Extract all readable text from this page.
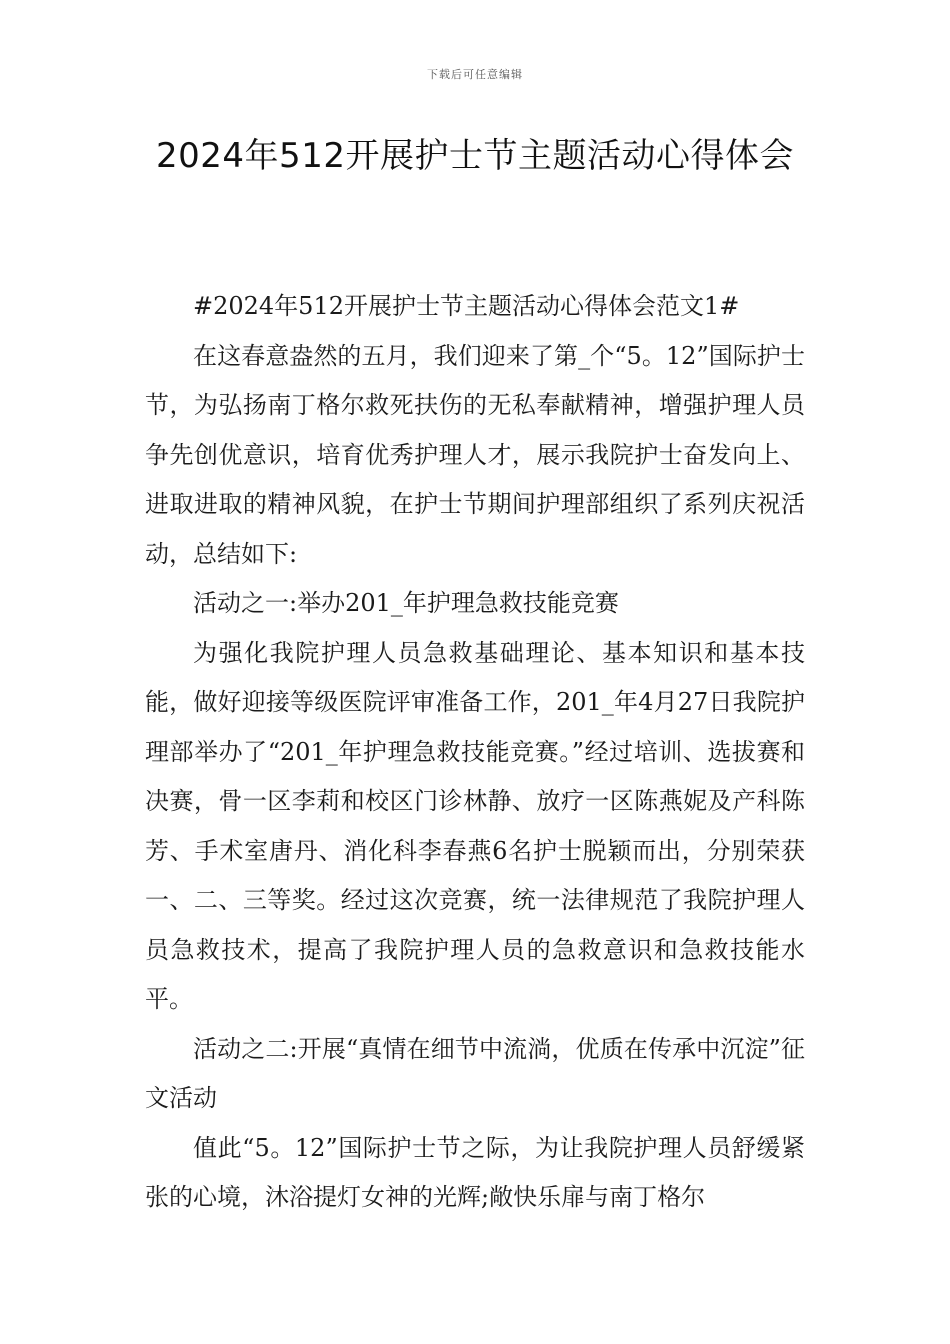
下载后可任意编辑
2024年512开展护士节主题活动心得体会

#2024年512开展护士节主题活动心得体会范文1#

在这春意盎然的五月，我们迎来了第_个“5。12”国际护士节，为弘扬南丁格尔救死扶伤的无私奉献精神，增强护理人员争先创优意识，培育优秀护理人才，展示我院护士奋发向上、进取进取的精神风貌，在护士节期间护理部组织了系列庆祝活动，总结如下:

活动之一:举办201_年护理急救技能竞赛

为强化我院护理人员急救基础理论、基本知识和基本技能，做好迎接等级医院评审准备工作，201_年4月27日我院护理部举办了“201_年护理急救技能竞赛。”经过培训、选拔赛和决赛，骨一区李莉和校区门诊林静、放疗一区陈燕妮及产科陈芳、手术室唐丹、消化科李春燕6名护士脱颖而出，分别荣获一、二、三等奖。经过这次竞赛，统一法律规范了我院护理人员急救技术，提高了我院护理人员的急救意识和急救技能水平。

活动之二:开展“真情在细节中流淌，优质在传承中沉淀”征文活动

值此“5。12”国际护士节之际，为让我院护理人员舒缓紧张的心境，沐浴提灯女神的光辉;敞快乐扉与南丁格尔
